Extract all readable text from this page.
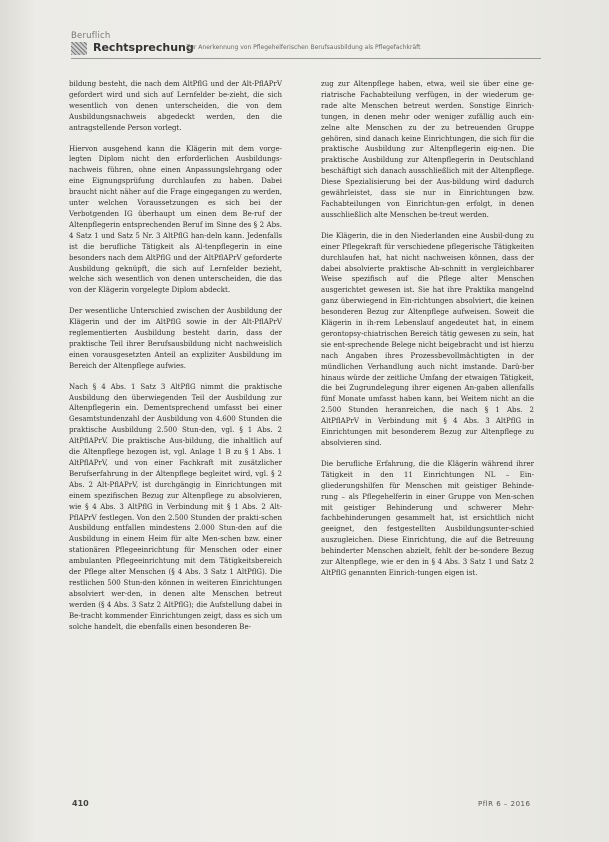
Beruflich
Rechtsprechung
Zur Anerkennung von Pflegehelferischen Berufsausbildung als Pflegefachkräft

bildung besteht, die nach dem AltPflG und der Alt-PflAPrV gefordert wird und sich auf Lernfelder be-zieht, die sich wesentlich von denen unterscheiden, die von dem Ausbildungsnachweis abgedeckt werden, den die antragstellende Person vorlegt.

Hiervon ausgehend kann die Klägerin mit dem vorge-legten Diplom nicht den erforderlichen Ausbildungs-nachweis führen, ohne einen Anpassungslehrgang oder eine Eignungsprüfung durchlaufen zu haben. Dabei braucht nicht näher auf die Frage eingegangen zu werden, unter welchen Voraussetzungen es sich bei der Verbotgenden IG überhaupt um einen dem Be-ruf der Altenpflegerin entsprechenden Beruf im Sinne des § 2 Abs. 4 Satz 1 und Satz 5 Nr. 3 AltPflG han-deln kann. Jedenfalls ist die berufliche Tätigkeit als Al-tenpflegerin in eine besonders nach dem AltPflG und der AltPflAPrV geforderte Ausbildung geknüpft, die sich auf Lernfelder bezieht, welche sich wesentlich von denen unterscheiden, die das von der Klägerin vorgelegte Diplom abdeckt.

Der wesentliche Unterschied zwischen der Ausbildung der Klägerin und der im AltPflG sowie in der Alt-PflAPrV reglementierten Ausbildung besteht darin, dass der praktische Teil ihrer Berufsausbildung nicht nachweislich einen vorausgesetzten Anteil an expliziter Ausbildung im Bereich der Altenpflege aufwies.

Nach § 4 Abs. 1 Satz 3 AltPflG nimmt die praktische Ausbildung den überwiegenden Teil der Ausbildung zur Altenpflegerin ein. Dementsprechend umfasst bei einer Gesamtstundenzahl der Ausbildung von 4.600 Stunden die praktische Ausbildung 2.500 Stun-den, vgl. § 1 Abs. 2 AltPflAPrV. Die praktische Aus-bildung, die inhaltlich auf die Altenpflege bezogen ist, vgl. Anlage 1 B zu § 1 Abs. 1 AltPflAPrV, und von einer Fachkraft mit zusätzlicher Berufserfahrung in der Altenpflege begleitet wird, vgl. § 2 Abs. 2 Alt-PflAPrV, ist durchgängig in Einrichtungen mit einem spezifischen Bezug zur Altenpflege zu absolvieren, wie § 4 Abs. 3 AltPflG in Verbindung mit § 1 Abs. 2 Alt-PflAPrV festlegen. Von den 2.500 Stunden der prakti-schen Ausbildung entfallen mindestens 2.000 Stun-den auf die Ausbildung in einem Heim für alte Men-schen bzw. einer stationären Pflegeeinrichtung für Menschen oder einer ambulanten Pflegeeinrichtung mit dem Tätigkeitsbereich der Pflege alter Menschen (§ 4 Abs. 3 Satz 1 AltPflG). Die restlichen 500 Stun-den können in weiteren Einrichtungen absolviert wer-den, in denen alte Menschen betreut werden (§ 4 Abs. 3 Satz 2 AltPflG); die Aufstellung dabei in Be-tracht kommender Einrichtungen zeigt, dass es sich um solche handelt, die ebenfalls einen besonderen Be-

zug zur Altenpflege haben, etwa, weil sie über eine ge-riatrische Fachabteilung verfügen, in der wiederum ge-rade alte Menschen betreut werden. Sonstige Einrich-tungen, in denen mehr oder weniger zufällig auch ein-zelne alte Menschen zu der zu betreuenden Gruppe gehören, sind danach keine Einrichtungen, die sich für die praktische Ausbildung zur Altenpflegerin eig-nen. Die praktische Ausbildung zur Altenpflegerin in Deutschland beschäftigt sich danach ausschließlich mit der Altenpflege. Diese Spezialisierung bei der Aus-bildung wird dadurch gewährleistet, dass sie nur in Einrichtungen bzw. Fachabteilungen von Einrichtun-gen erfolgt, in denen ausschließlich alte Menschen be-treut werden.

Die Klägerin, die in den Niederlanden eine Ausbil-dung zu einer Pflegekraft für verschiedene pflegerische Tätigkeiten durchlaufen hat, hat nicht nachweisen können, dass der dabei absolvierte praktische Ab-schnitt in vergleichbarer Weise spezifisch auf die Pflege alter Menschen ausgerichtet gewesen ist. Sie hat ihre Praktika mangelnd ganz überwiegend in Ein-richtungen absolviert, die keinen besonderen Bezug zur Altenpflege aufweisen. Soweit die Klägerin in ih-rem Lebenslauf angedeutet hat, in einem gerontopsy-chiatrischen Bereich tätig gewesen zu sein, hat sie ent-sprechende Belege nicht beigebracht und ist hierzu nach Angaben ihres Prozessbevollmächtigten in der mündlichen Verhandlung auch nicht imstande. Darü-ber hinaus würde der zeitliche Umfang der etwaigen Tätigkeit, die bei Zugrundelegung ihrer eigenen An-gaben allenfalls fünf Monate umfasst haben kann, bei Weitem nicht an die 2.500 Stunden heranreichen, die nach § 1 Abs. 2 AltPflAPrV in Verbindung mit § 4 Abs. 3 AltPflG in Einrichtungen mit besonderem Bezug zur Altenpflege zu absolvieren sind.

Die berufliche Erfahrung, die die Klägerin während ihrer Tätigkeit in den 11 Einrichtungen NL – Ein-gliederungshilfen für Menschen mit geistiger Behinde-rung – als Pflegehelferin in einer Gruppe von Men-schen mit geistiger Behinderung und schwerer Mehr-fachbehinderungen gesammelt hat, ist ersichtlich nicht geeignet, den festgestellten Ausbildungsunter-schied auszugleichen. Diese Einrichtung, die auf die Betreuung behinderter Menschen abzielt, fehlt der be-sondere Bezug zur Altenpflege, wie er den in § 4 Abs. 3 Satz 1 und Satz 2 AltPflG genannten Einrich-tungen eigen ist.

410	PflR 6 – 2016
